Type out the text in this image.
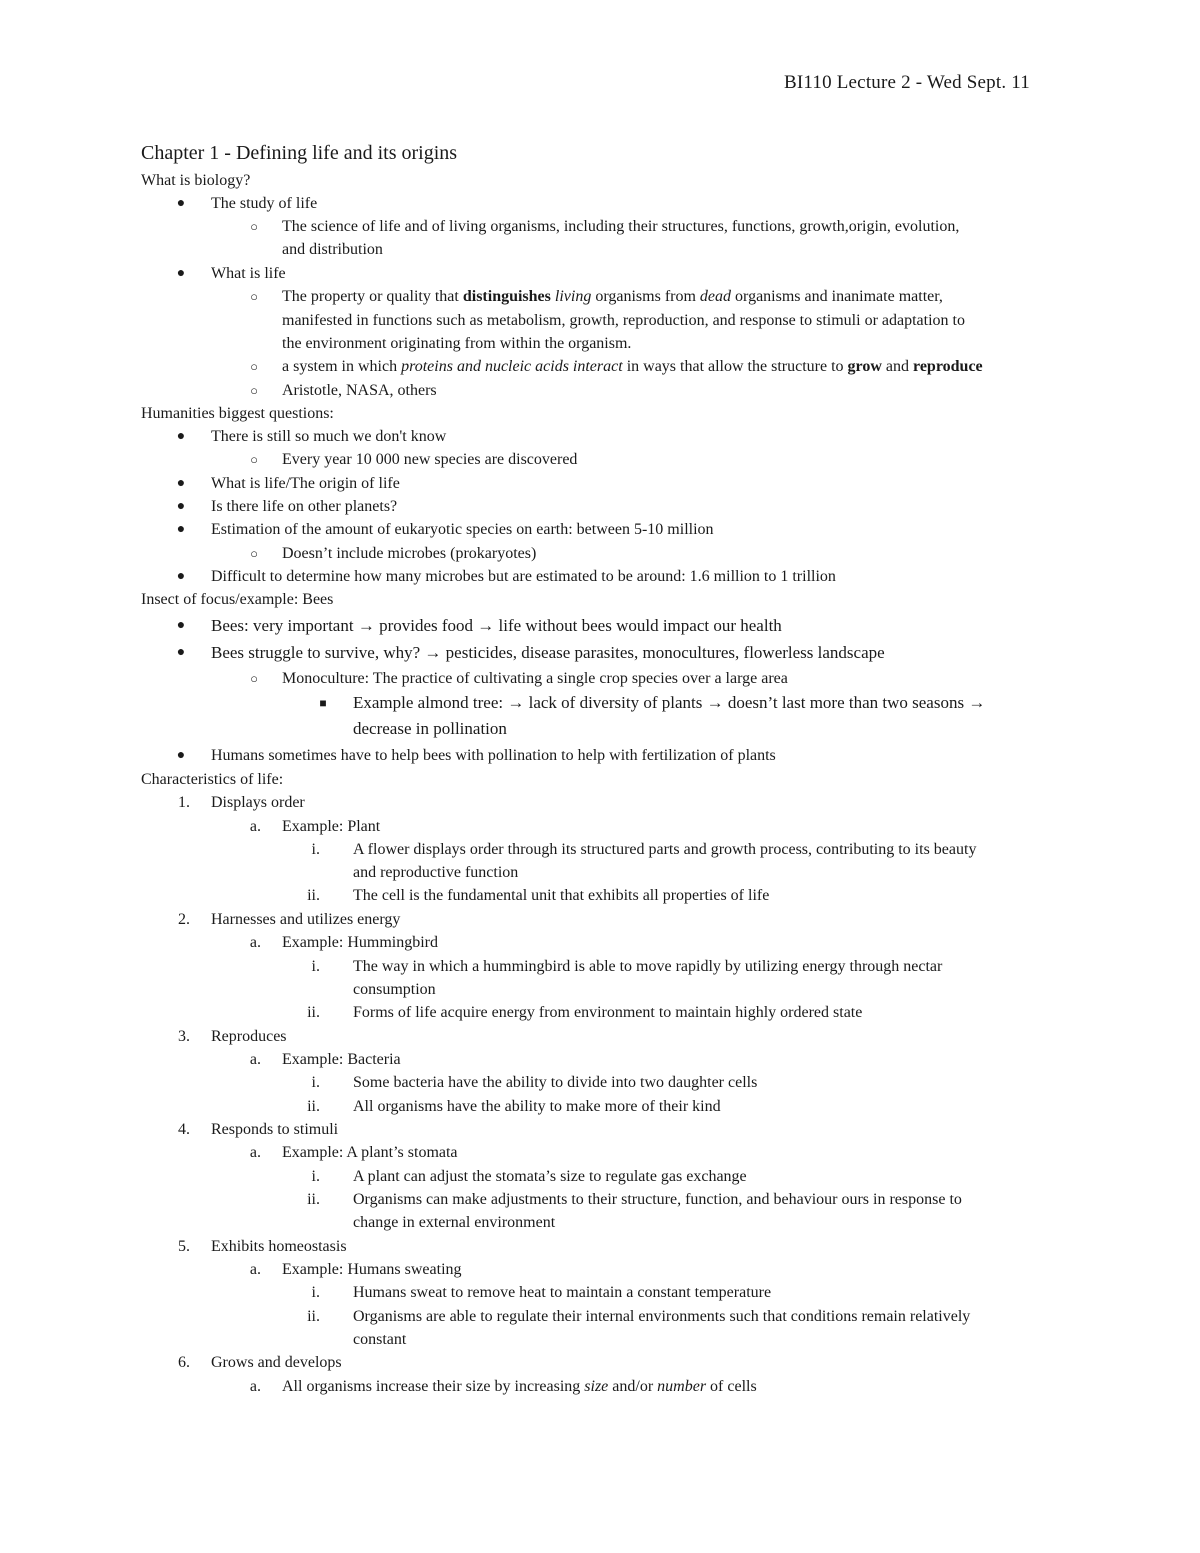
BI110 Lecture 2 - Wed Sept. 11
Chapter 1 - Defining life and its origins
What is biology?
●	The study of life
○	The science of life and of living organisms, including their structures, functions, growth,origin, evolution,
and distribution
●	What is life
○	The property or quality that distinguishes living organisms from dead organisms and inanimate matter,
manifested in functions such as metabolism, growth, reproduction, and response to stimuli or adaptation to
the environment originating from within the organism.
○	a system in which proteins and nucleic acids interact in ways that allow the structure to grow and reproduce
○	Aristotle, NASA, others
Humanities biggest questions:
●	There is still so much we don't know
○	Every year 10 000 new species are discovered
●	What is life/The origin of life
●	Is there life on other planets?
●	Estimation of the amount of eukaryotic species on earth: between 5-10 million
○	Doesn’t include microbes (prokaryotes)
●	Difficult to determine how many microbes but are estimated to be around: 1.6 million to 1 trillion
Insect of focus/example: Bees
●	Bees: very important → provides food → life without bees would impact our health
●	Bees struggle to survive, why? → pesticides, disease parasites, monocultures, flowerless landscape
○	Monoculture: The practice of cultivating a single crop species over a large area
■	Example almond tree: → lack of diversity of plants → doesn’t last more than two seasons →
decrease in pollination
●	Humans sometimes have to help bees with pollination to help with fertilization of plants
Characteristics of life:
1. Displays order
a. Example: Plant
i. A flower displays order through its structured parts and growth process, contributing to its beauty
and reproductive function
ii. The cell is the fundamental unit that exhibits all properties of life
2. Harnesses and utilizes energy
a. Example: Hummingbird
i. The way in which a hummingbird is able to move rapidly by utilizing energy through nectar
consumption
ii. Forms of life acquire energy from environment to maintain highly ordered state
3. Reproduces
a. Example: Bacteria
i. Some bacteria have the ability to divide into two daughter cells
ii. All organisms have the ability to make more of their kind
4. Responds to stimuli
a. Example: A plant’s stomata
i. A plant can adjust the stomata’s size to regulate gas exchange
ii. Organisms can make adjustments to their structure, function, and behaviour ours in response to
change in external environment
5. Exhibits homeostasis
a. Example: Humans sweating
i. Humans sweat to remove heat to maintain a constant temperature
ii. Organisms are able to regulate their internal environments such that conditions remain relatively
constant
6. Grows and develops
a. All organisms increase their size by increasing size and/or number of cells
